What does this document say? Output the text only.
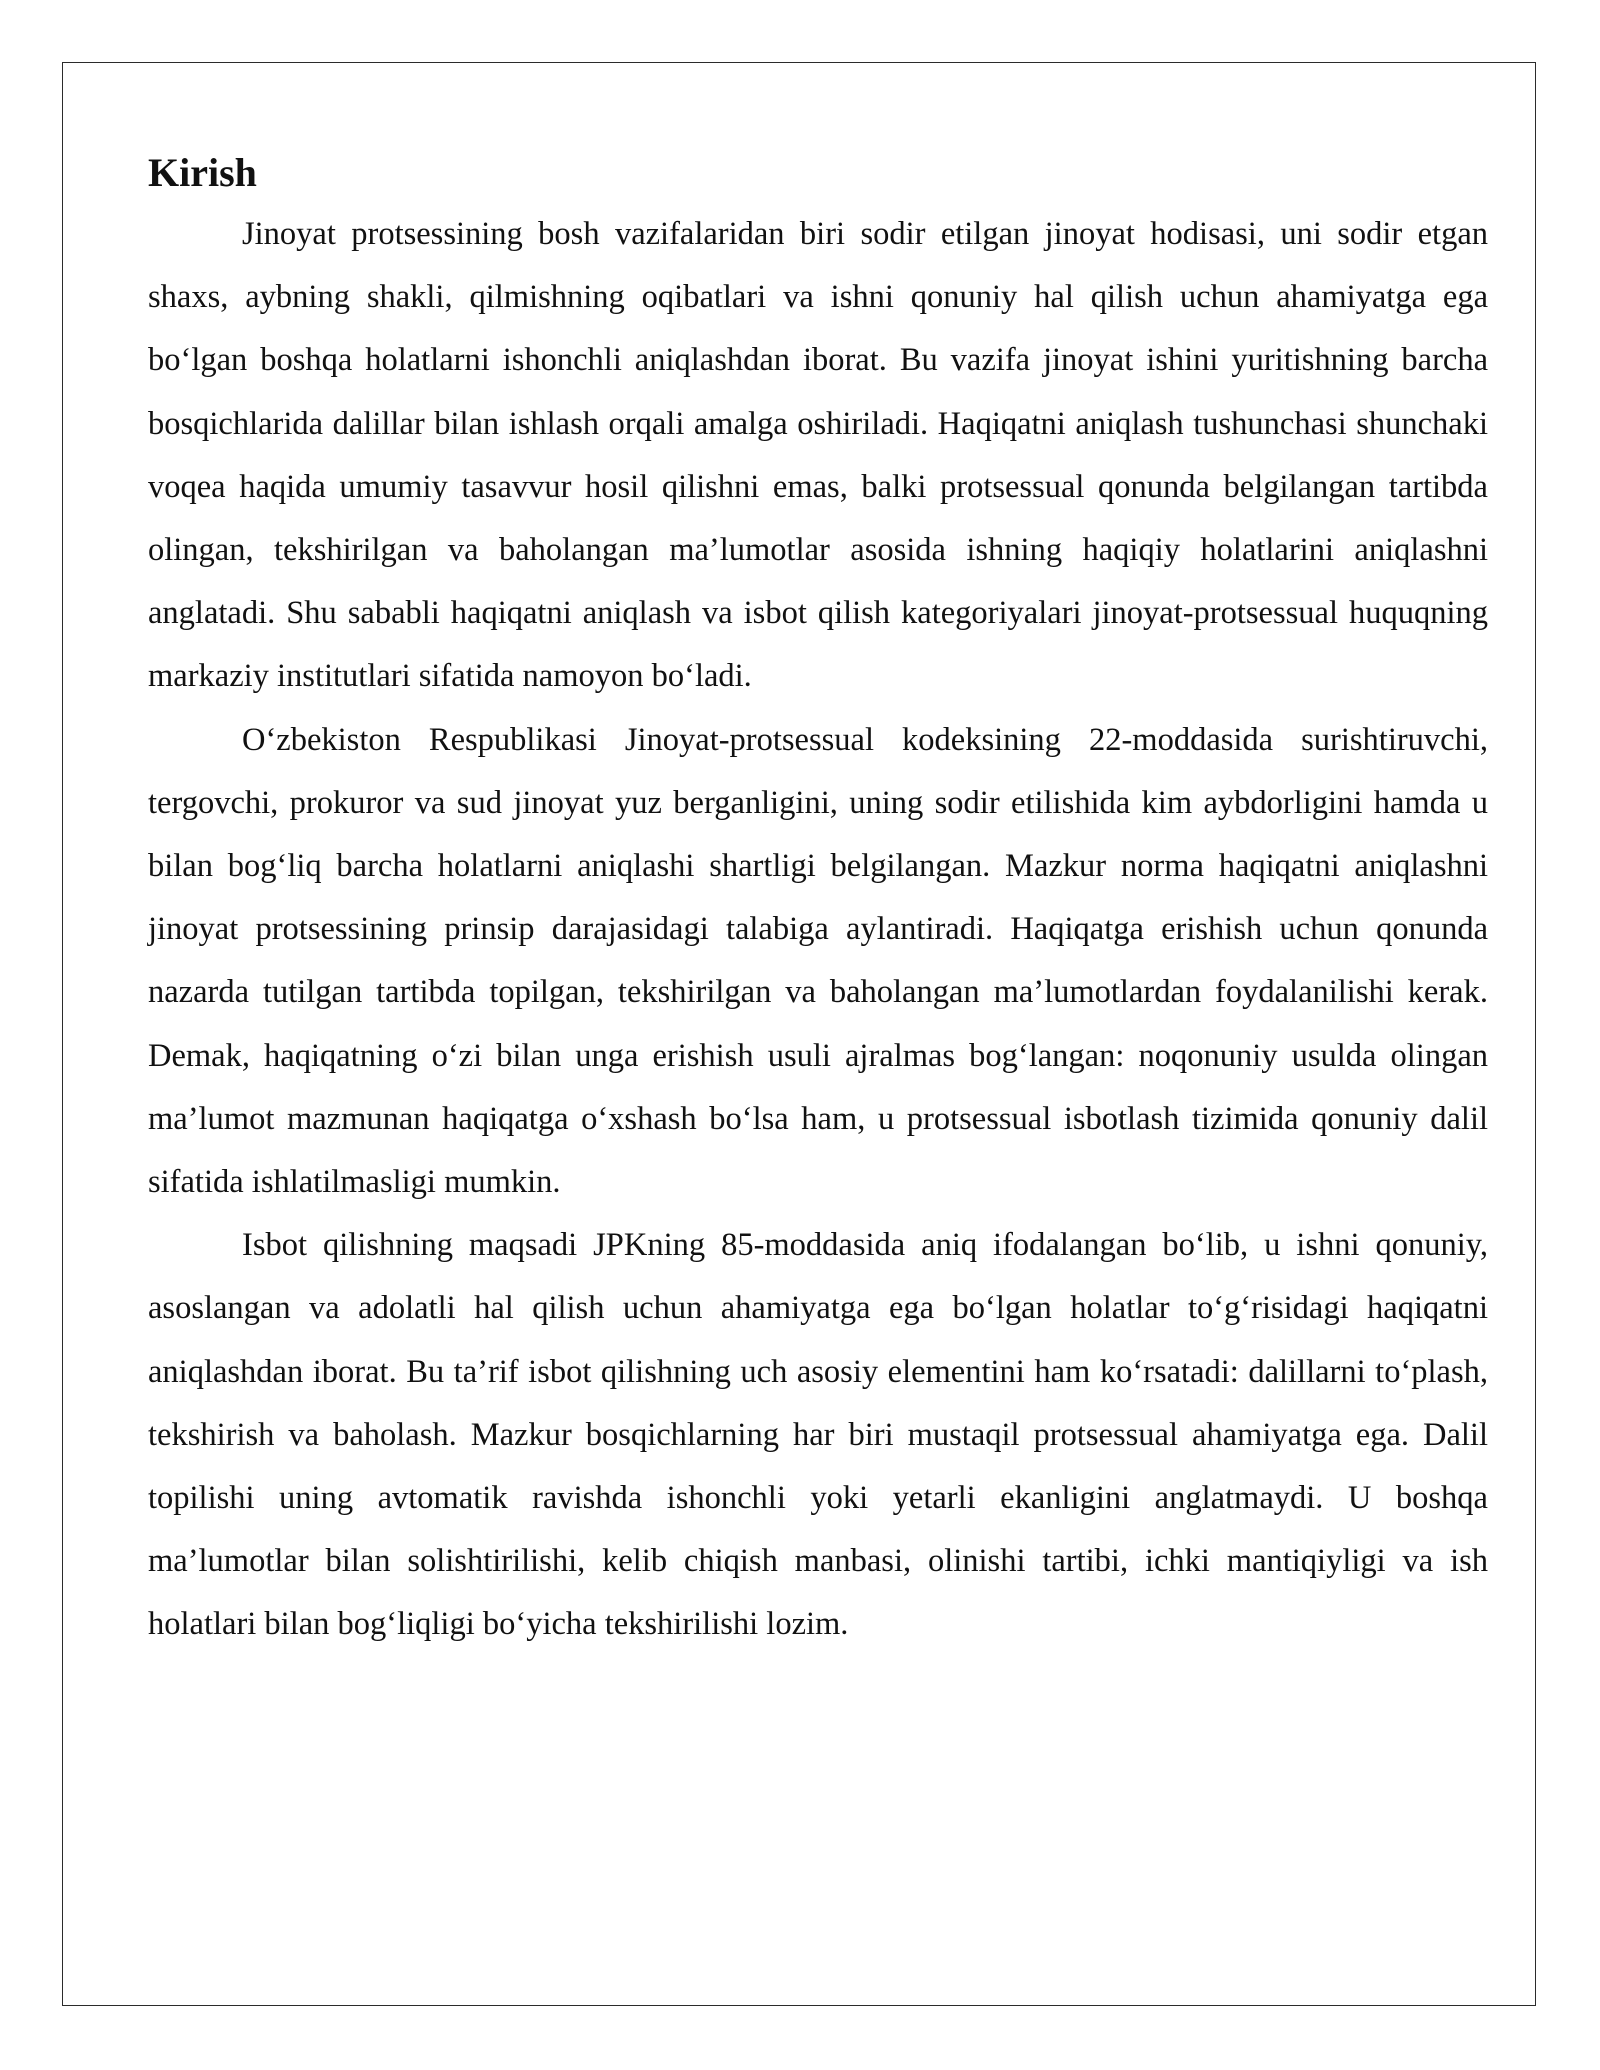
Kirish

Jinoyat protsessining bosh vazifalaridan biri sodir etilgan jinoyat hodisasi, uni sodir etgan shaxs, aybning shakli, qilmishning oqibatlari va ishni qonuniy hal qilish uchun ahamiyatga ega bo‘lgan boshqa holatlarni ishonchli aniqlashdan iborat. Bu vazifa jinoyat ishini yuritishning barcha bosqichlarida dalillar bilan ishlash orqali amalga oshiriladi. Haqiqatni aniqlash tushunchasi shunchaki voqea haqida umumiy tasavvur hosil qilishni emas, balki protsessual qonunda belgilangan tartibda olingan, tekshirilgan va baholangan ma’lumotlar asosida ishning haqiqiy holatlarini aniqlashni anglatadi. Shu sababli haqiqatni aniqlash va isbot qilish kategoriyalari jinoyat-protsessual huquqning markaziy institutlari sifatida namoyon bo‘ladi.

O‘zbekiston Respublikasi Jinoyat-protsessual kodeksining 22-moddasida surishtiruvchi, tergovchi, prokuror va sud jinoyat yuz berganligini, uning sodir etilishida kim aybdorligini hamda u bilan bog‘liq barcha holatlarni aniqlashi shartligi belgilangan. Mazkur norma haqiqatni aniqlashni jinoyat protsessining prinsip darajasidagi talabiga aylantiradi. Haqiqatga erishish uchun qonunda nazarda tutilgan tartibda topilgan, tekshirilgan va baholangan ma’lumotlardan foydalanilishi kerak. Demak, haqiqatning o‘zi bilan unga erishish usuli ajralmas bog‘langan: noqonuniy usulda olingan ma’lumot mazmunan haqiqatga o‘xshash bo‘lsa ham, u protsessual isbotlash tizimida qonuniy dalil sifatida ishlatilmasligi mumkin.

Isbot qilishning maqsadi JPKning 85-moddasida aniq ifodalangan bo‘lib, u ishni qonuniy, asoslangan va adolatli hal qilish uchun ahamiyatga ega bo‘lgan holatlar to‘g‘risidagi haqiqatni aniqlashdan iborat. Bu ta’rif isbot qilishning uch asosiy elementini ham ko‘rsatadi: dalillarni to‘plash, tekshirish va baholash. Mazkur bosqichlarning har biri mustaqil protsessual ahamiyatga ega. Dalil topilishi uning avtomatik ravishda ishonchli yoki yetarli ekanligini anglatmaydi. U boshqa ma’lumotlar bilan solishtirilishi, kelib chiqish manbasi, olinishi tartibi, ichki mantiqiyligi va ish holatlari bilan bog‘liqligi bo‘yicha tekshirilishi lozim.
